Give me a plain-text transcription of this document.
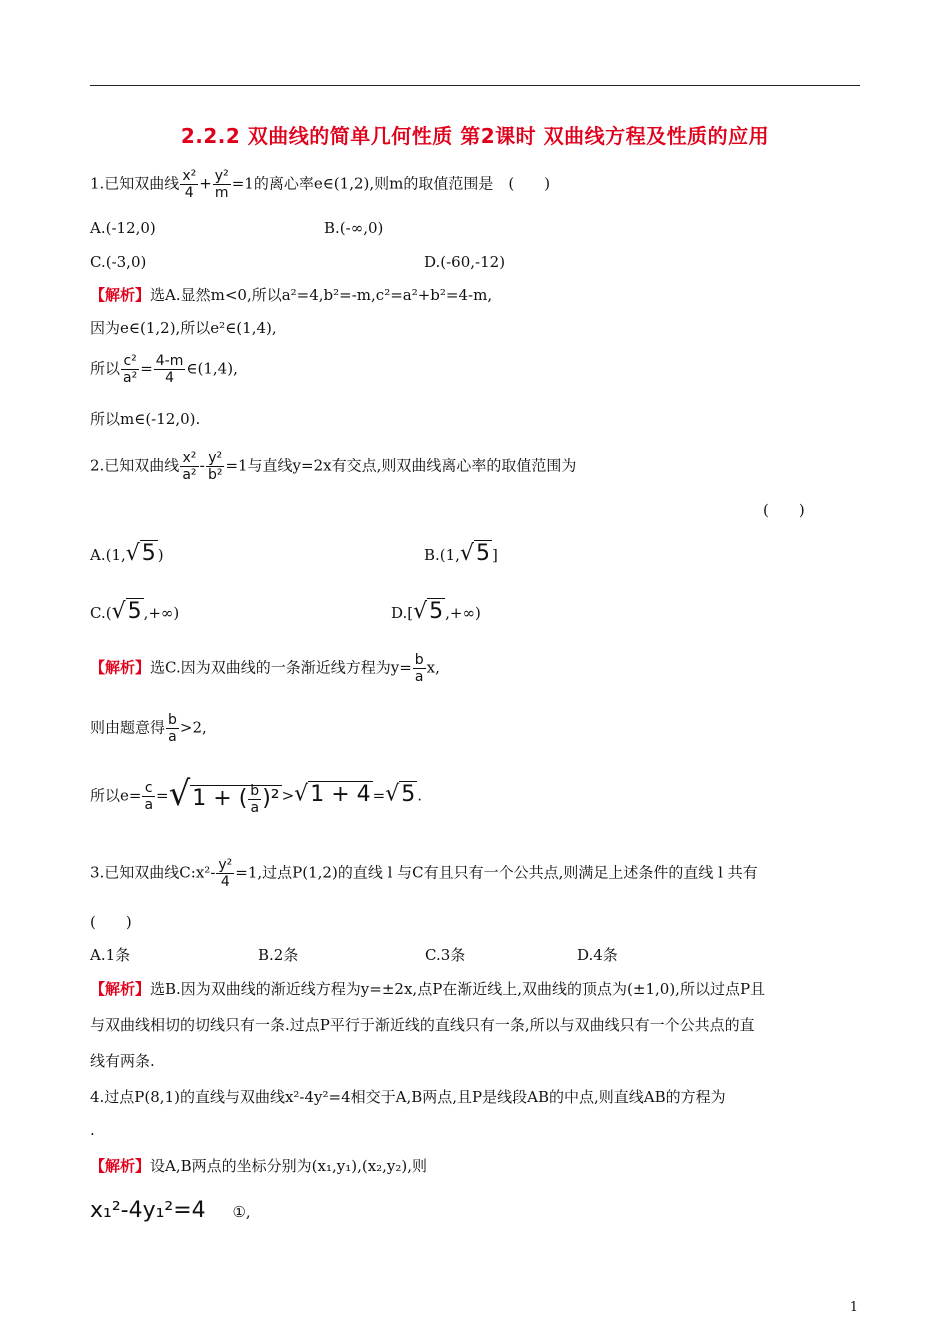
2.2.2 双曲线的简单几何性质 第2课时 双曲线方程及性质的应用
1.已知双曲线 $\frac{\text{x²}}{4} + \frac{\text{y²}}{m} =1$的离心率e∈(1,2),则m的取值范围是　(　　)
A.(-12,0)	B.(-∞,0)
C.(-3,0)	D.(-60,-12)
【解析】选A.显然m<0,所以a²=4,b²=-m,c²=a²+b²=4-m,
因为e∈(1,2),所以e²∈(1,4),
所以 $\frac{\text{c²}}{\text{a²}} = \frac{4-m}{4}$ ∈(1,4),
所以m∈(-12,0).
2.已知双曲线 $\frac{\text{x²}}{\text{a²}} - \frac{\text{y²}}{\text{b²}} =1$与直线y=2x有交点,则双曲线离心率的取值范围为
(　　)
A.(1,√5 )	B.(1,√5 ]
C.(√5 ,+∞)	D.[√5 ,+∞)
【解析】选C.因为双曲线的一条渐近线方程为$y= \frac{b}{a} x$,
则由题意得 $\frac{b}{a} >2$,
所以$e= \frac{c}{a} =√1$ + ( $\frac{b}{a} )^2 >√1 + 4 =√5$ .
3.已知双曲线C:x²- $\frac{\text{y²}}{4} =1$,过点P(1,2)的直线 l 与C有且只有一个公共点,则满足上述条件的直线 l 共有
(　　)
A.1条	B.2条	C.3条	D.4条
【解析】选B.因为双曲线的渐近线方程为y=±2x,点P在渐近线上,双曲线的顶点为(±1,0),所以过点P且
与双曲线相切的切线只有一条.过点P平行于渐近线的直线只有一条,所以与双曲线只有一个公共点的直
线有两条.
4.过点P(8,1)的直线与双曲线x²-4y²=4相交于A,B两点,且P是线段AB的中点,则直线AB的方程为
.
【解析】设A,B两点的坐标分别为(x₁,y₁),(x₂,y₂),则
x₁²-4y₁²=4 ①,
1
